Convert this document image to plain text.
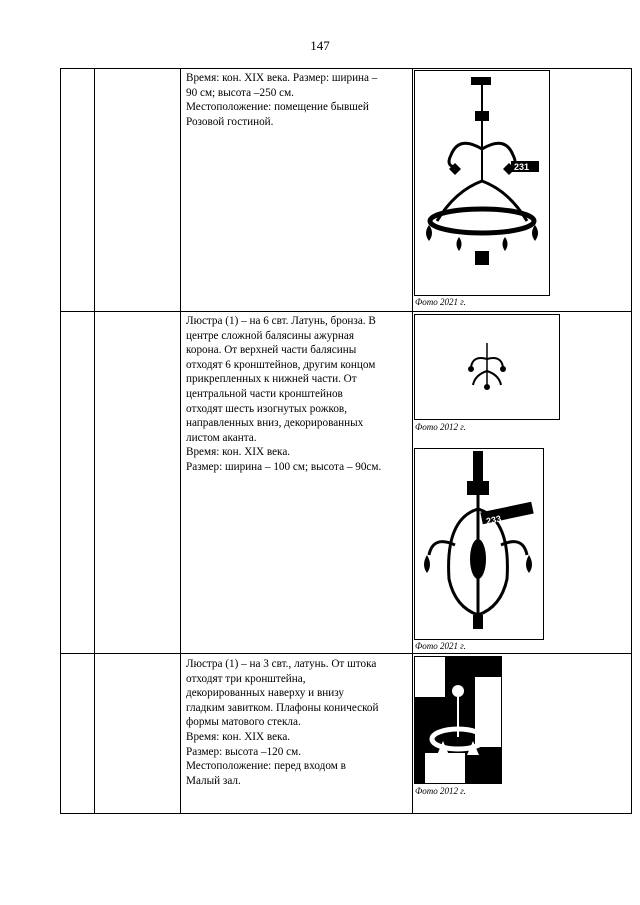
147

Время: кон. XIX века. Размер: ширина –

90 см; высота –250 см.

Местоположение: помещение бывшей

Розовой гостиной.

231
Фото 2021 г.

Люстра (1) – на 6 свт. Латунь, бронза. В

центре сложной балясины ажурная

корона. От верхней части балясины

отходят 6 кронштейнов, другим концом

прикрепленных к нижней части. От

центральной части кронштейнов

отходят шесть изогнутых рожков,

направленных вниз, декорированных

листом аканта.

Время: кон. XIX века.

Размер: ширина – 100 см; высота – 90см.

Фото 2012 г.
233
Фото 2021 г.

Люстра (1) – на 3 свт., латунь. От штока

отходят три кронштейна,

декорированных наверху и внизу

гладким завитком. Плафоны конической

формы матового стекла.

Время: кон. XIX века.

Размер: высота –120 см.

Местоположение: перед входом в

Малый зал.

Фото 2012 г.
